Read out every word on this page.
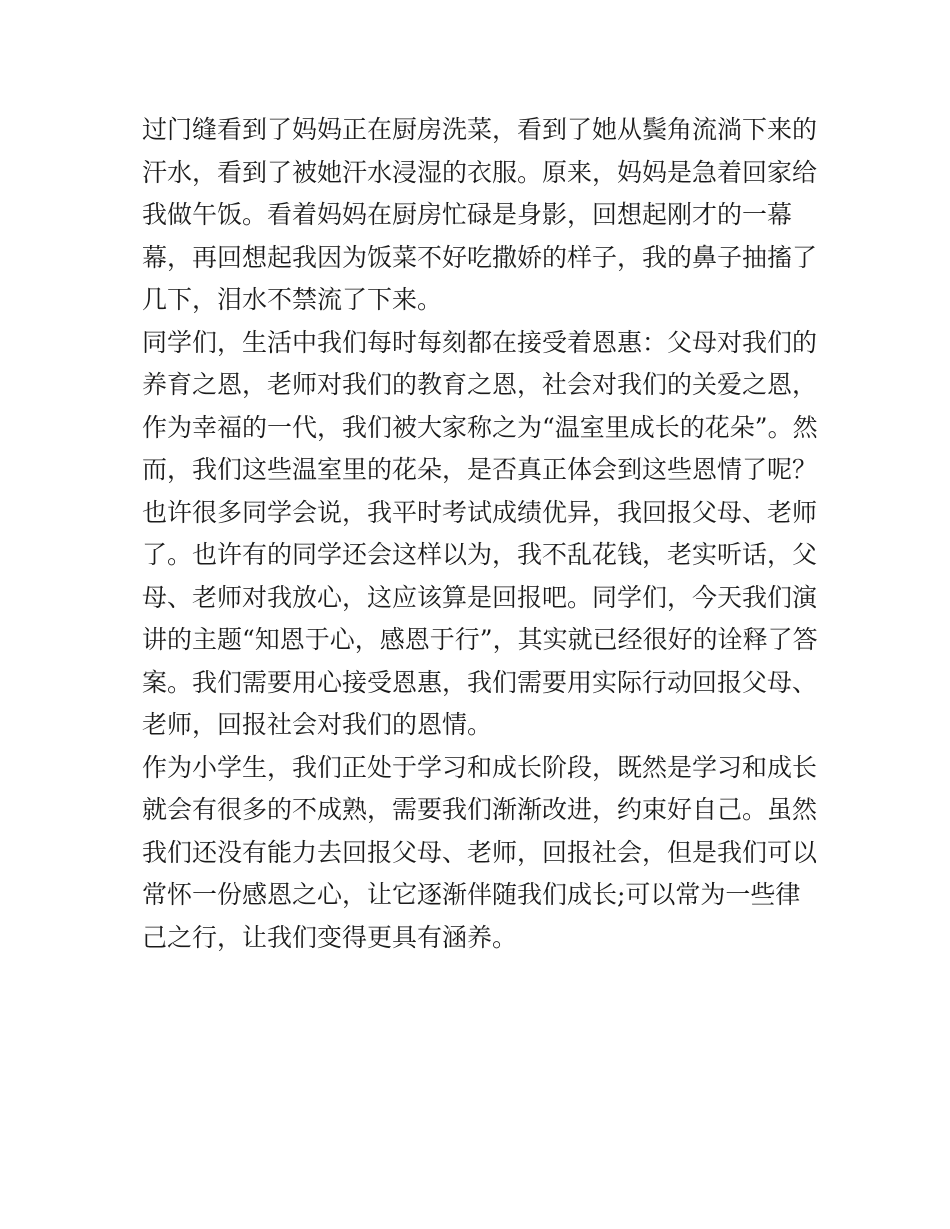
过门缝看到了妈妈正在厨房洗菜，看到了她从鬓角流淌下来的
汗水，看到了被她汗水浸湿的衣服。原来，妈妈是急着回家给
我做午饭。看着妈妈在厨房忙碌是身影，回想起刚才的一幕
幕，再回想起我因为饭菜不好吃撒娇的样子，我的鼻子抽搐了
几下，泪水不禁流了下来。
同学们，生活中我们每时每刻都在接受着恩惠：父母对我们的
养育之恩，老师对我们的教育之恩，社会对我们的关爱之恩，
作为幸福的一代，我们被大家称之为“温室里成长的花朵”。然
而，我们这些温室里的花朵，是否真正体会到这些恩情了呢？
也许很多同学会说，我平时考试成绩优异，我回报父母、老师
了。也许有的同学还会这样以为，我不乱花钱，老实听话，父
母、老师对我放心，这应该算是回报吧。同学们，今天我们演
讲的主题“知恩于心，感恩于行”，其实就已经很好的诠释了答
案。我们需要用心接受恩惠，我们需要用实际行动回报父母、
老师，回报社会对我们的恩情。
作为小学生，我们正处于学习和成长阶段，既然是学习和成长
就会有很多的不成熟，需要我们渐渐改进，约束好自己。虽然
我们还没有能力去回报父母、老师，回报社会，但是我们可以
常怀一份感恩之心，让它逐渐伴随我们成长;可以常为一些律
己之行，让我们变得更具有涵养。
